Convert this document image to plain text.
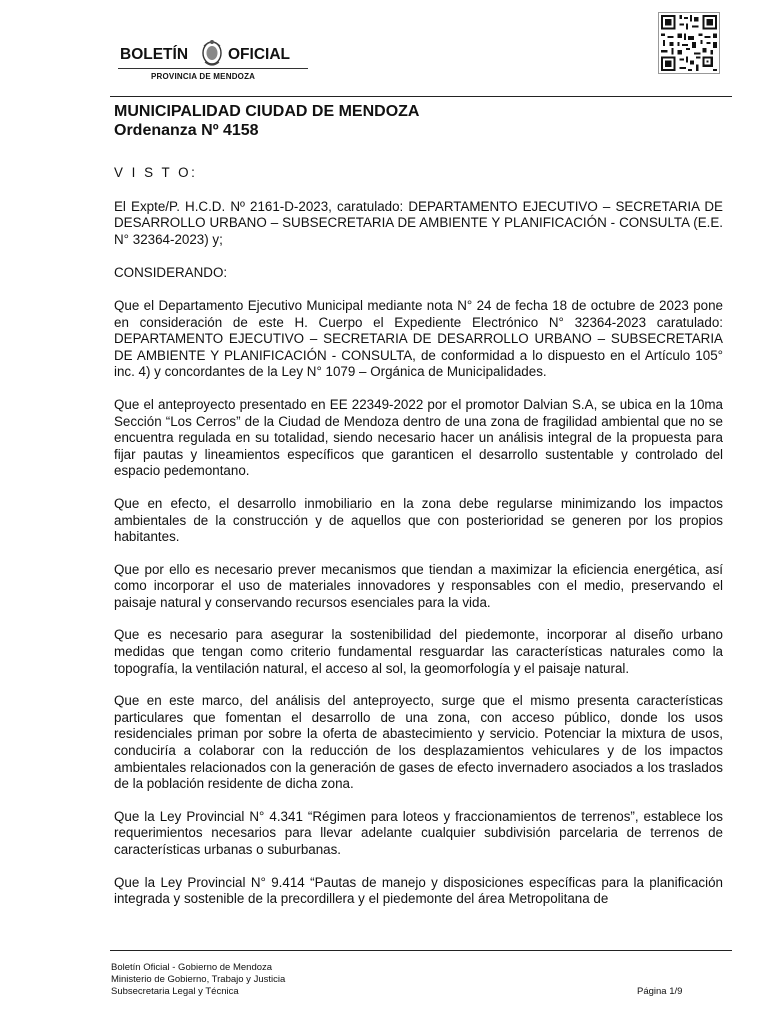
BOLETÍN	OFICIAL
PROVINCIA DE MENDOZA

MUNICIPALIDAD CIUDAD DE MENDOZA
Ordenanza Nº 4158

V I S T O:

El Expte/P. H.C.D. Nº 2161-D-2023, caratulado: DEPARTAMENTO EJECUTIVO – SECRETARIA DE DESARROLLO URBANO – SUBSECRETARIA DE AMBIENTE Y PLANIFICACIÓN - CONSULTA (E.E. N° 32364-2023) y;

CONSIDERANDO:

Que el Departamento Ejecutivo Municipal mediante nota N° 24 de fecha 18 de octubre de 2023 pone en consideración de este H. Cuerpo el Expediente Electrónico N° 32364-2023 caratulado: DEPARTAMENTO EJECUTIVO – SECRETARIA DE DESARROLLO URBANO – SUBSECRETARIA DE AMBIENTE Y PLANIFICACIÓN - CONSULTA, de conformidad a lo dispuesto en el Artículo 105° inc. 4) y concordantes de la Ley N° 1079 – Orgánica de Municipalidades.

Que el anteproyecto presentado en EE 22349-2022 por el promotor Dalvian S.A, se ubica en la 10ma Sección “Los Cerros” de la Ciudad de Mendoza dentro de una zona de fragilidad ambiental que no se encuentra regulada en su totalidad, siendo necesario hacer un análisis integral de la propuesta para fijar pautas y lineamientos específicos que garanticen el desarrollo sustentable y controlado del espacio pedemontano.

Que en efecto, el desarrollo inmobiliario en la zona debe regularse minimizando los impactos ambientales de la construcción y de aquellos que con posterioridad se generen por los propios habitantes.

Que por ello es necesario prever mecanismos que tiendan a maximizar la eficiencia energética, así como incorporar el uso de materiales innovadores y responsables con el medio, preservando el paisaje natural y conservando recursos esenciales para la vida.

Que es necesario para asegurar la sostenibilidad del piedemonte, incorporar al diseño urbano medidas que tengan como criterio fundamental resguardar las características naturales como la topografía, la ventilación natural, el acceso al sol, la geomorfología y el paisaje natural.

Que en este marco, del análisis del anteproyecto, surge que el mismo presenta características particulares que fomentan el desarrollo de una zona, con acceso público, donde los usos residenciales priman por sobre la oferta de abastecimiento y servicio. Potenciar la mixtura de usos, conduciría a colaborar con la reducción de los desplazamientos vehiculares y de los impactos ambientales relacionados con la generación de gases de efecto invernadero asociados a los traslados de la población residente de dicha zona.

Que la Ley Provincial N° 4.341 “Régimen para loteos y fraccionamientos de terrenos”, establece los requerimientos necesarios para llevar adelante cualquier subdivisión parcelaria de terrenos de características urbanas o suburbanas.

Que la Ley Provincial N° 9.414 “Pautas de manejo y disposiciones específicas para la planificación integrada y sostenible de la precordillera y el piedemonte del área Metropolitana de

Boletín Oficial - Gobierno de Mendoza
Ministerio de Gobierno, Trabajo y Justicia
Subsecretaria Legal y Técnica	Página 1/9
